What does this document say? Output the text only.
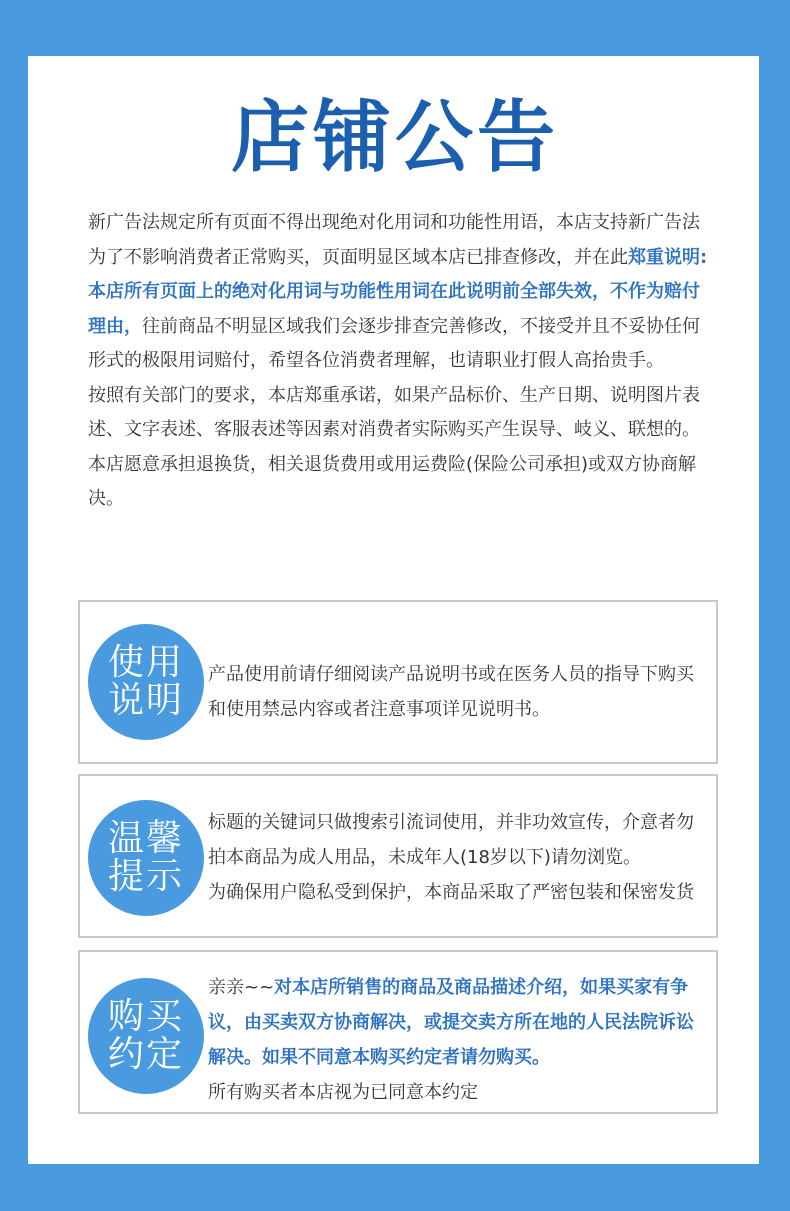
店铺公告

新广告法规定所有页面不得出现绝对化用词和功能性用语，本店支持新广告法为了不影响消费者正常购买，页面明显区域本店已排查修改，并在此郑重说明:本店所有页面上的绝对化用词与功能性用词在此说明前全部失效，不作为赔付理由，往前商品不明显区域我们会逐步排查完善修改，不接受并且不妥协任何形式的极限用词赔付，希望各位消费者理解，也请职业打假人高抬贵手。

按照有关部门的要求，本店郑重承诺，如果产品标价、生产日期、说明图片表述、文字表述、客服表述等因素对消费者实际购买产生误导、岐义、联想的。本店愿意承担退换货，相关退货费用或用运费险(保险公司承担)或双方协商解决。

使用
说明

产品使用前请仔细阅读产品说明书或在医务人员的指导下购买和使用禁忌内容或者注意事项详见说明书。

温馨
提示

标题的关键词只做搜索引流词使用，并非功效宣传，介意者勿拍本商品为成人用品，未成年人(18岁以下)请勿浏览。

为确保用户隐私受到保护，本商品采取了严密包装和保密发货

购买
约定

亲亲~~对本店所销售的商品及商品描述介绍，如果买家有争议，由买卖双方协商解决，或提交卖方所在地的人民法院诉讼解决。如果不同意本购买约定者请勿购买。

所有购买者本店视为已同意本约定
